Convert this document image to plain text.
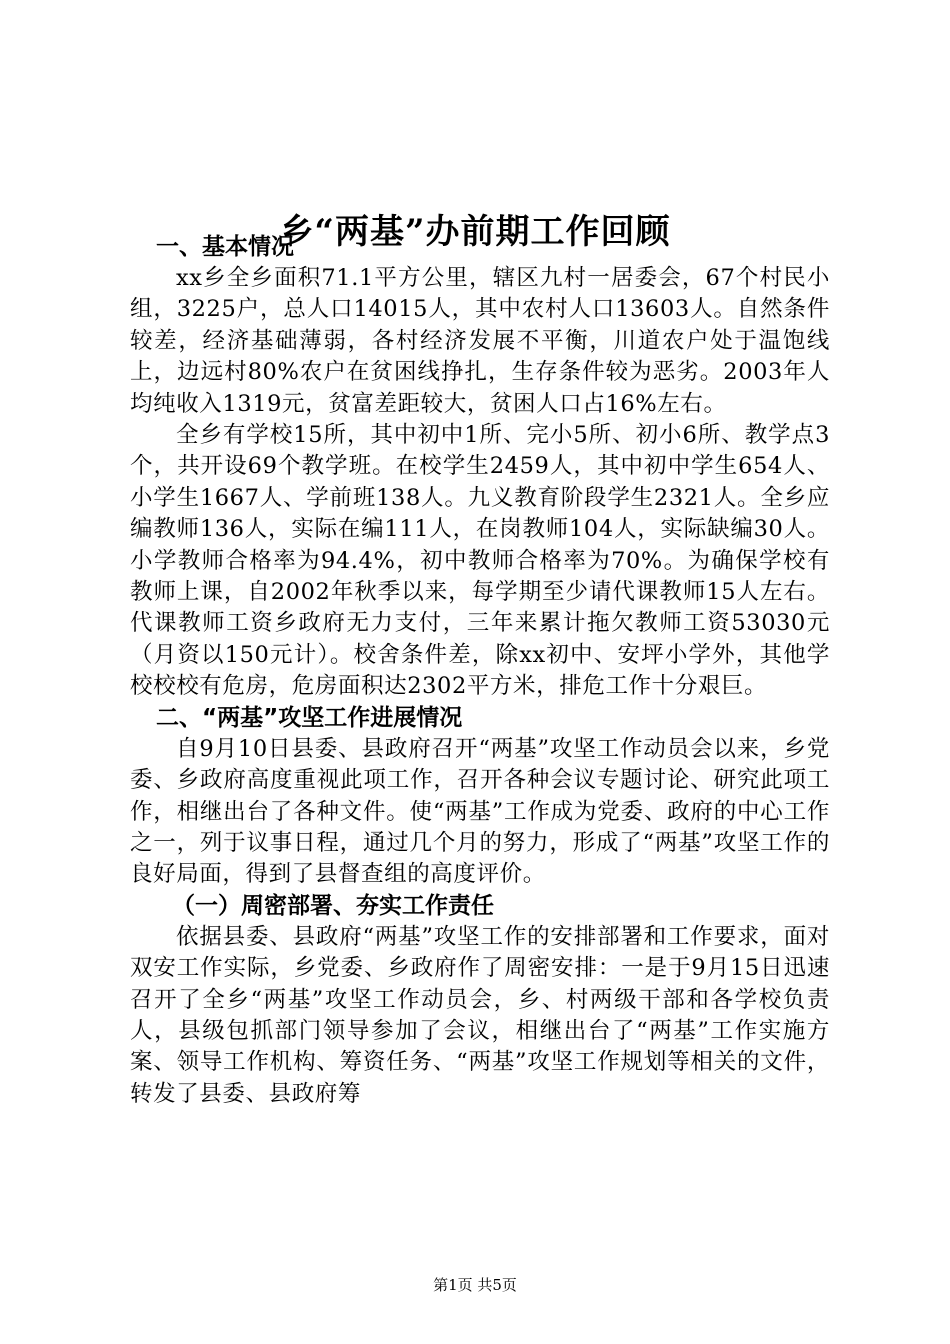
乡“两基”办前期工作回顾
一、基本情况

xx乡全乡面积71.1平方公里，辖区九村一居委会，67个村民小组，3225户，总人口14015人，其中农村人口13603人。自然条件较差，经济基础薄弱，各村经济发展不平衡，川道农户处于温饱线上，边远村80%农户在贫困线挣扎，生存条件较为恶劣。2003年人均纯收入1319元，贫富差距较大，贫困人口占16%左右。

全乡有学校15所，其中初中1所、完小5所、初小6所、教学点3个，共开设69个教学班。在校学生2459人，其中初中学生654人、小学生1667人、学前班138人。九义教育阶段学生2321人。全乡应编教师136人，实际在编111人，在岗教师104人，实际缺编30人。小学教师合格率为94.4%，初中教师合格率为70%。为确保学校有教师上课，自2002年秋季以来，每学期至少请代课教师15人左右。代课教师工资乡政府无力支付，三年来累计拖欠教师工资53030元（月资以150元计）。校舍条件差，除xx初中、安坪小学外，其他学校校校有危房，危房面积达2302平方米，排危工作十分艰巨。

二、“两基”攻坚工作进展情况

自9月10日县委、县政府召开“两基”攻坚工作动员会以来，乡党委、乡政府高度重视此项工作，召开各种会议专题讨论、研究此项工作，相继出台了各种文件。使“两基”工作成为党委、政府的中心工作之一，列于议事日程，通过几个月的努力，形成了“两基”攻坚工作的良好局面，得到了县督查组的高度评价。

（一）周密部署、夯实工作责任

依据县委、县政府“两基”攻坚工作的安排部署和工作要求，面对双安工作实际，乡党委、乡政府作了周密安排：一是于9月15日迅速召开了全乡“两基”攻坚工作动员会，乡、村两级干部和各学校负责人，县级包抓部门领导参加了会议，相继出台了“两基”工作实施方案、领导工作机构、筹资任务、“两基”攻坚工作规划等相关的文件，转发了县委、县政府筹

第1页 共5页
